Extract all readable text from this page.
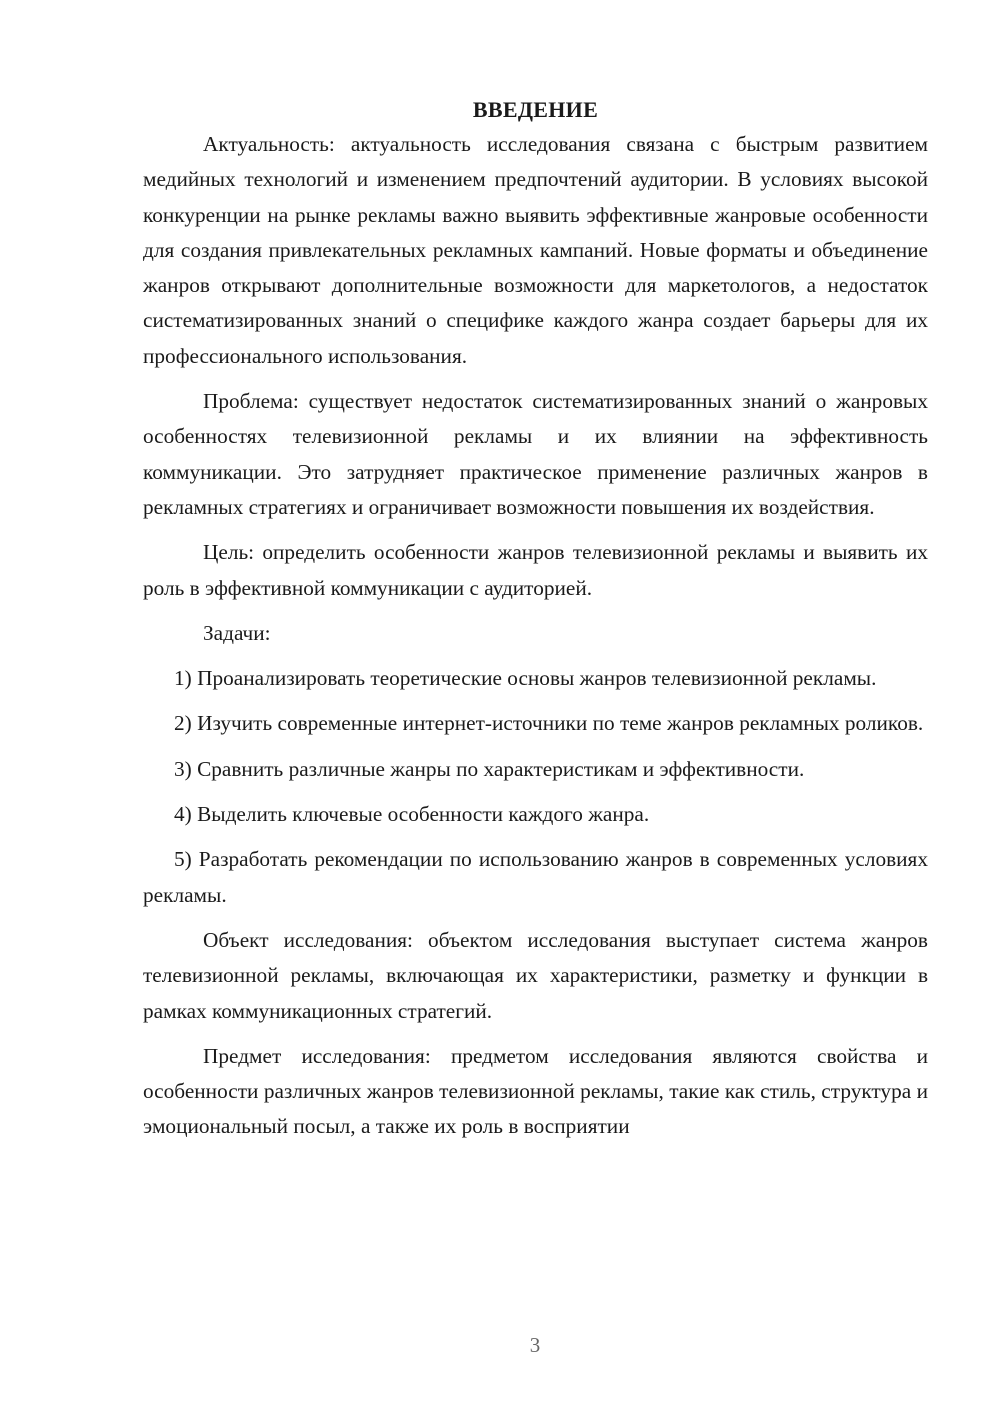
ВВЕДЕНИЕ

Актуальность: актуальность исследования связана с быстрым развитием медийных технологий и изменением предпочтений аудитории. В условиях высокой конкуренции на рынке рекламы важно выявить эффективные жанровые особенности для создания привлекательных рекламных кампаний. Новые форматы и объединение жанров открывают дополнительные возможности для маркетологов, а недостаток систематизированных знаний о специфике каждого жанра создает барьеры для их профессионального использования.

Проблема: существует недостаток систематизированных знаний о жанровых особенностях телевизионной рекламы и их влиянии на эффективность коммуникации. Это затрудняет практическое применение различных жанров в рекламных стратегиях и ограничивает возможности повышения их воздействия.

Цель: определить особенности жанров телевизионной рекламы и выявить их роль в эффективной коммуникации с аудиторией.

Задачи:

1) Проанализировать теоретические основы жанров телевизионной рекламы.

2) Изучить современные интернет-источники по теме жанров рекламных роликов.

3) Сравнить различные жанры по характеристикам и эффективности.

4) Выделить ключевые особенности каждого жанра.

5) Разработать рекомендации по использованию жанров в современных условиях рекламы.

Объект исследования: объектом исследования выступает система жанров телевизионной рекламы, включающая их характеристики, разметку и функции в рамках коммуникационных стратегий.

Предмет исследования: предметом исследования являются свойства и особенности различных жанров телевизионной рекламы, такие как стиль, структура и эмоциональный посыл, а также их роль в восприятии

3
